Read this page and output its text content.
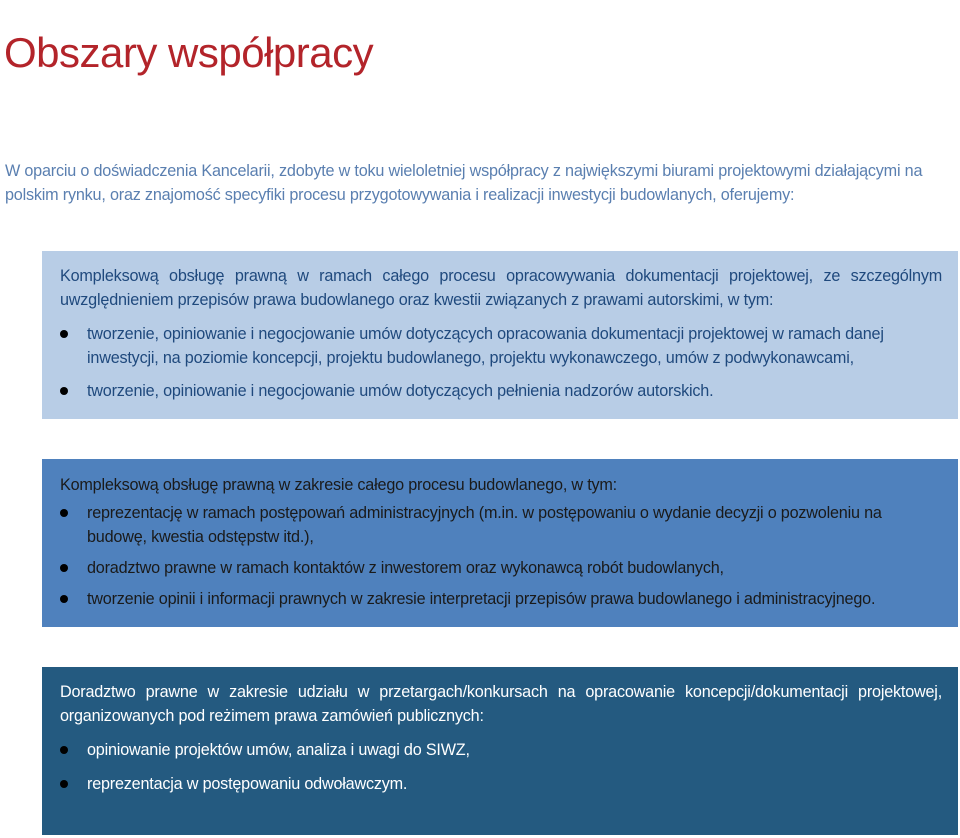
Obszary współpracy

W oparciu o doświadczenia Kancelarii, zdobyte w toku wieloletniej współpracy z największymi biurami projektowymi działającymi na polskim rynku, oraz znajomość specyfiki procesu przygotowywania i realizacji inwestycji budowlanych, oferujemy:

Kompleksową obsługę prawną w ramach całego procesu opracowywania dokumentacji projektowej, ze szczególnym uwzględnieniem przepisów prawa budowlanego oraz kwestii związanych z prawami autorskimi, w tym:

tworzenie, opiniowanie i negocjowanie umów dotyczących opracowania dokumentacji projektowej w ramach danej inwestycji, na poziomie koncepcji, projektu budowlanego, projektu wykonawczego, umów z podwykonawcami,
tworzenie, opiniowanie i negocjowanie umów dotyczących pełnienia nadzorów autorskich.

Kompleksową obsługę prawną w zakresie całego procesu budowlanego, w tym:

reprezentację w ramach postępowań administracyjnych (m.in. w postępowaniu o wydanie decyzji o pozwoleniu na budowę, kwestia odstępstw itd.),
doradztwo prawne w ramach kontaktów z inwestorem oraz wykonawcą robót budowlanych,
tworzenie opinii i informacji prawnych w zakresie interpretacji przepisów prawa budowlanego i administracyjnego.

Doradztwo prawne w zakresie udziału w przetargach/konkursach na opracowanie koncepcji/dokumentacji projektowej, organizowanych pod reżimem prawa zamówień publicznych:

opiniowanie projektów umów, analiza i uwagi do SIWZ,
reprezentacja w postępowaniu odwoławczym.
